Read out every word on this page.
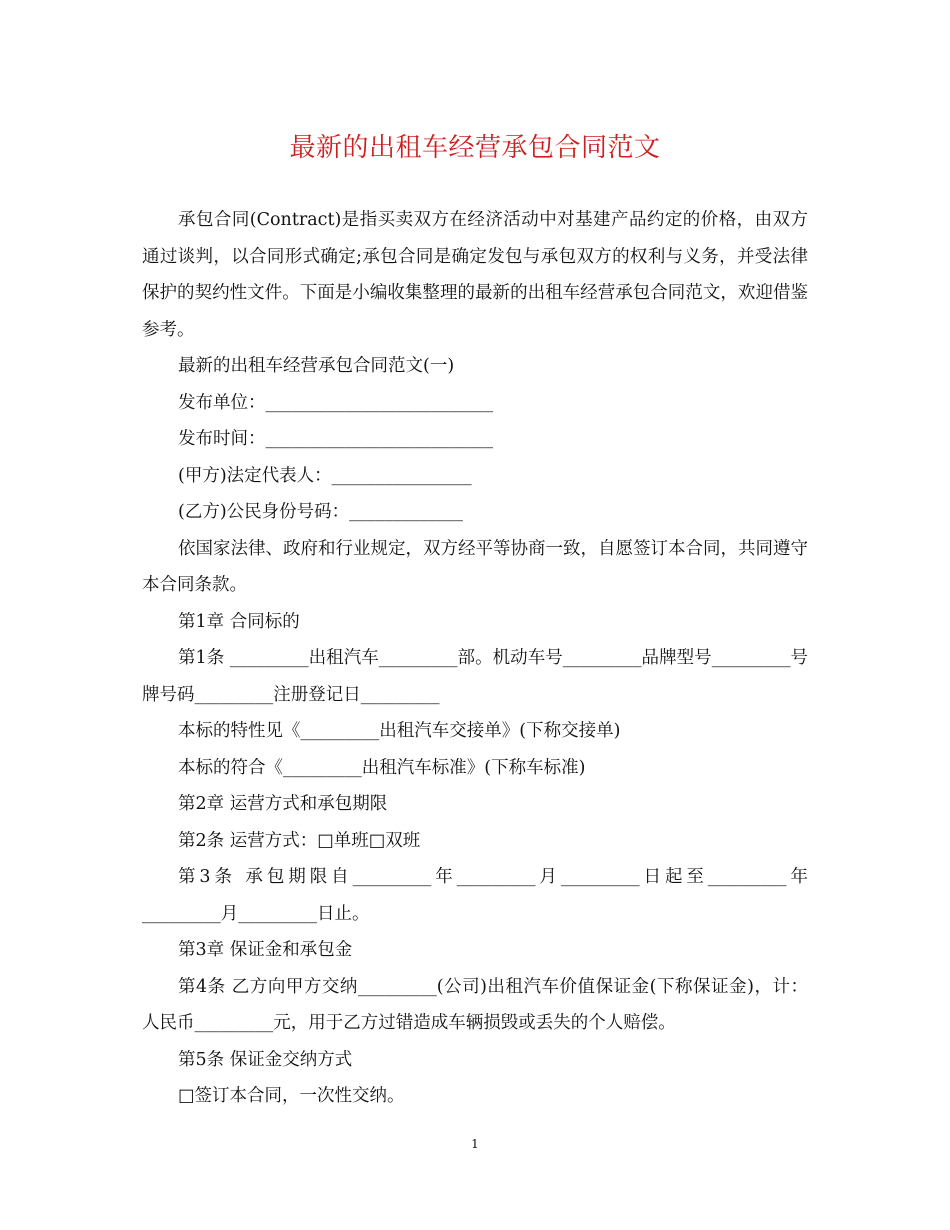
最新的出租车经营承包合同范文

承包合同(Contract)是指买卖双方在经济活动中对基建产品约定的价格，由双方通过谈判，以合同形式确定;承包合同是确定发包与承包双方的权利与义务，并受法律保护的契约性文件。下面是小编收集整理的最新的出租车经营承包合同范文，欢迎借鉴参考。

最新的出租车经营承包合同范文(一)

发布单位：__________________________

发布时间：__________________________

(甲方)法定代表人：________________

(乙方)公民身份号码：_____________

依国家法律、政府和行业规定，双方经平等协商一致，自愿签订本合同，共同遵守本合同条款。

第1章 合同标的

第1条 _________出租汽车_________部。机动车号_________品牌型号_________号牌号码_________注册登记日_________

本标的特性见《_________出租汽车交接单》(下称交接单)

本标的符合《_________出租汽车标准》(下称车标准)

第2章 运营方式和承包期限

第2条 运营方式：□单班□双班

第3条 承包期限自_________年_________月_________日起至_________年_________月_________日止。

第3章 保证金和承包金

第4条 乙方向甲方交纳_________(公司)出租汽车价值保证金(下称保证金)，计：人民币_________元，用于乙方过错造成车辆损毁或丢失的个人赔偿。

第5条 保证金交纳方式

□签订本合同，一次性交纳。

1
